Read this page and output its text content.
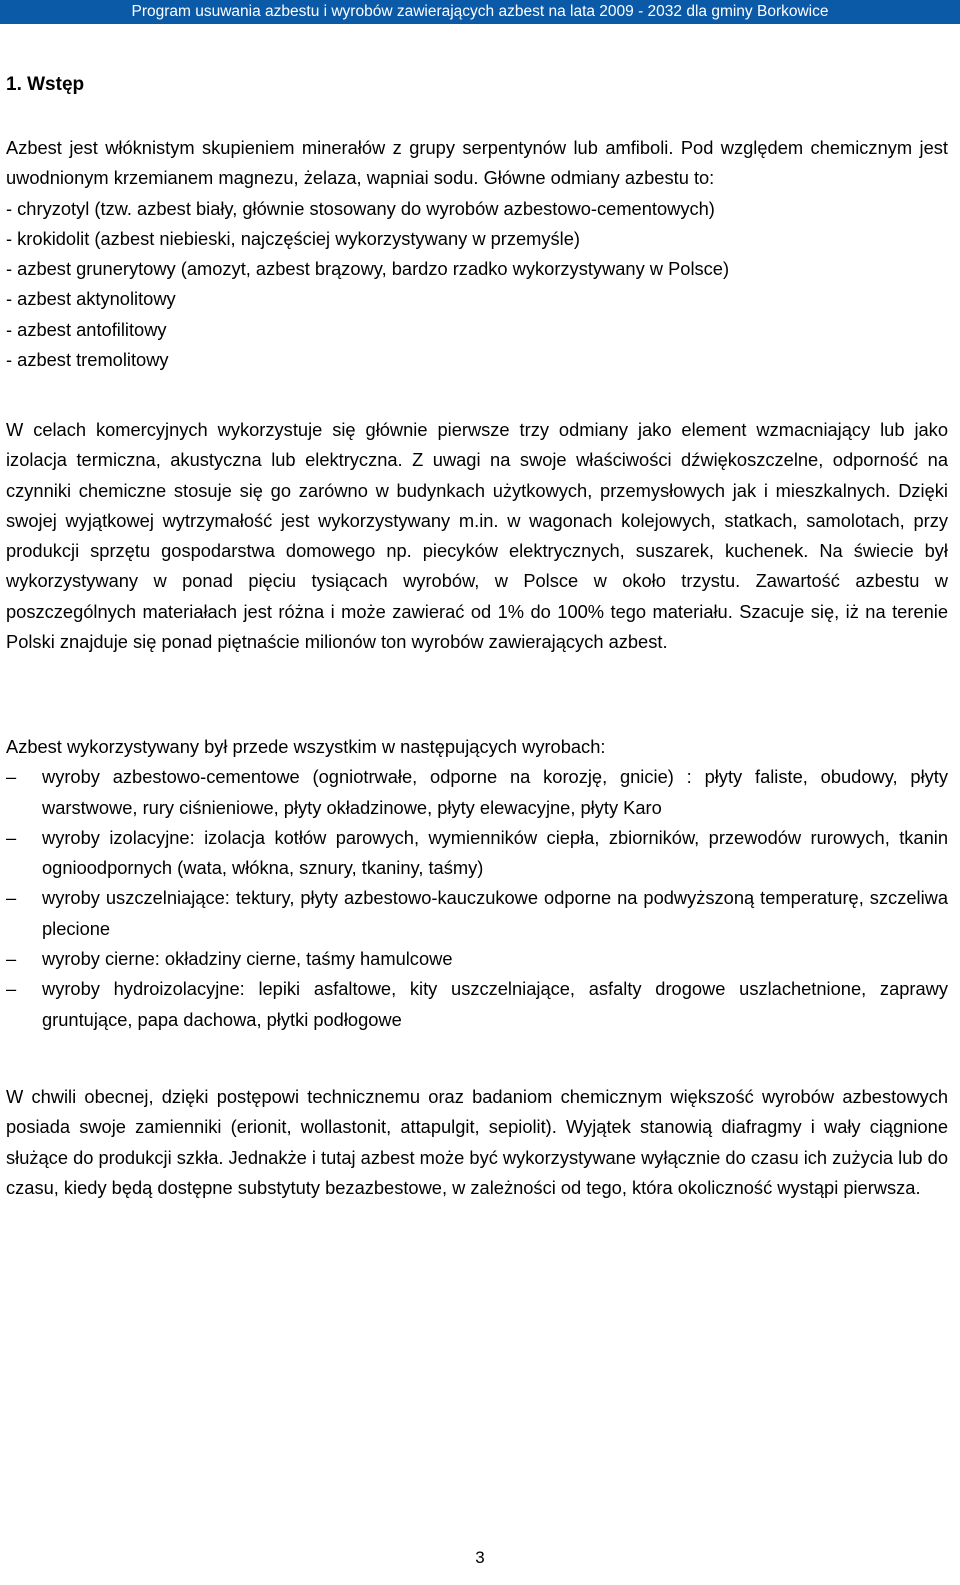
Program usuwania azbestu i wyrobów zawierających azbest na lata 2009 - 2032 dla gminy Borkowice
1. Wstęp

Azbest jest włóknistym skupieniem minerałów z grupy serpentynów lub amfiboli. Pod względem chemicznym jest uwodnionym krzemianem magnezu, żelaza, wapniai sodu. Główne odmiany azbestu to:

- chryzotyl (tzw. azbest biały, głównie stosowany do wyrobów azbestowo-cementowych)

- krokidolit (azbest niebieski, najczęściej wykorzystywany w przemyśle)

- azbest grunerytowy (amozyt, azbest brązowy, bardzo rzadko wykorzystywany w Polsce)

- azbest aktynolitowy

- azbest antofilitowy

- azbest tremolitowy

W celach komercyjnych wykorzystuje się głównie pierwsze trzy odmiany jako element wzmacniający lub jako izolacja termiczna, akustyczna lub elektryczna. Z uwagi na swoje właściwości dźwiękoszczelne, odporność na czynniki chemiczne stosuje się go zarówno w budynkach użytkowych, przemysłowych jak i mieszkalnych. Dzięki swojej wyjątkowej wytrzymałość jest wykorzystywany m.in. w wagonach kolejowych, statkach, samolotach, przy produkcji sprzętu gospodarstwa domowego np. piecyków elektrycznych, suszarek, kuchenek. Na świecie był wykorzystywany w ponad pięciu tysiącach wyrobów, w Polsce w około trzystu. Zawartość azbestu w poszczególnych materiałach jest różna i może zawierać od 1% do 100% tego materiału. Szacuje się, iż na terenie Polski znajduje się ponad piętnaście milionów ton wyrobów zawierających azbest.

Azbest wykorzystywany był przede wszystkim w następujących wyrobach:

–	wyroby azbestowo-cementowe (ogniotrwałe, odporne na korozję, gnicie) : płyty faliste, obudowy, płyty warstwowe, rury ciśnieniowe, płyty okładzinowe, płyty elewacyjne, płyty Karo
–	wyroby izolacyjne: izolacja kotłów parowych, wymienników ciepła, zbiorników, przewodów rurowych, tkanin ognioodpornych (wata, włókna, sznury, tkaniny, taśmy)
–	wyroby uszczelniające: tektury, płyty azbestowo-kauczukowe odporne na podwyższoną temperaturę, szczeliwa plecione
–	wyroby cierne: okładziny cierne, taśmy hamulcowe
–	wyroby hydroizolacyjne: lepiki asfaltowe, kity uszczelniające, asfalty drogowe uszlachetnione, zaprawy gruntujące, papa dachowa, płytki podłogowe

W chwili obecnej, dzięki postępowi technicznemu oraz badaniom chemicznym większość wyrobów azbestowych posiada swoje zamienniki (erionit, wollastonit, attapulgit, sepiolit). Wyjątek stanowią diafragmy i wały ciągnione służące do produkcji szkła. Jednakże i tutaj azbest może być wykorzystywane wyłącznie do czasu ich zużycia lub do czasu, kiedy będą dostępne substytuty bezazbestowe, w zależności od tego, która okoliczność wystąpi pierwsza.

3
